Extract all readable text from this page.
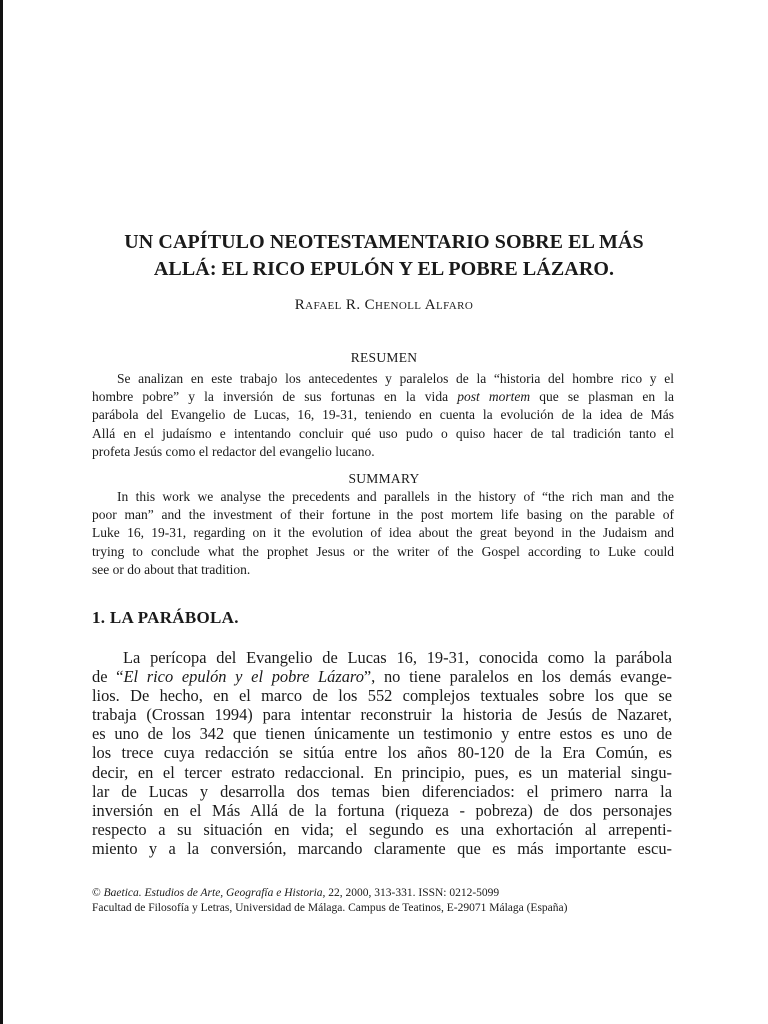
UN CAPÍTULO NEOTESTAMENTARIO SOBRE EL MÁS
ALLÁ: EL RICO EPULÓN Y EL POBRE LÁZARO.
Rafael R. Chenoll Alfaro
RESUMEN
Se analizan en este trabajo los antecedentes y paralelos de la “historia del hombre rico y el
hombre pobre” y la inversión de sus fortunas en la vida post mortem que se plasman en la
parábola del Evangelio de Lucas, 16, 19-31, teniendo en cuenta la evolución de la idea de Más
Allá en el judaísmo e intentando concluir qué uso pudo o quiso hacer de tal tradición tanto el
profeta Jesús como el redactor del evangelio lucano.
SUMMARY
In this work we analyse the precedents and parallels in the history of “the rich man and the
poor man” and the investment of their fortune in the post mortem life basing on the parable of
Luke 16, 19-31, regarding on it the evolution of idea about the great beyond in the Judaism and
trying to conclude what the prophet Jesus or the writer of the Gospel according to Luke could
see or do about that tradition.
1. LA PARÁBOLA.
La perícopa del Evangelio de Lucas 16, 19-31, conocida como la parábola
de “El rico epulón y el pobre Lázaro”, no tiene paralelos en los demás evange-
lios. De hecho, en el marco de los 552 complejos textuales sobre los que se
trabaja (Crossan 1994) para intentar reconstruir la historia de Jesús de Nazaret,
es uno de los 342 que tienen únicamente un testimonio y entre estos es uno de
los trece cuya redacción se sitúa entre los años 80-120 de la Era Común, es
decir, en el tercer estrato redaccional. En principio, pues, es un material singu-
lar de Lucas y desarrolla dos temas bien diferenciados: el primero narra la
inversión en el Más Allá de la fortuna (riqueza - pobreza) de dos personajes
respecto a su situación en vida; el segundo es una exhortación al arrepenti-
miento y a la conversión, marcando claramente que es más importante escu-
© Baetica. Estudios de Arte, Geografía e Historia, 22, 2000, 313-331. ISSN: 0212-5099
Facultad de Filosofía y Letras, Universidad de Málaga. Campus de Teatinos, E-29071 Málaga (España)
